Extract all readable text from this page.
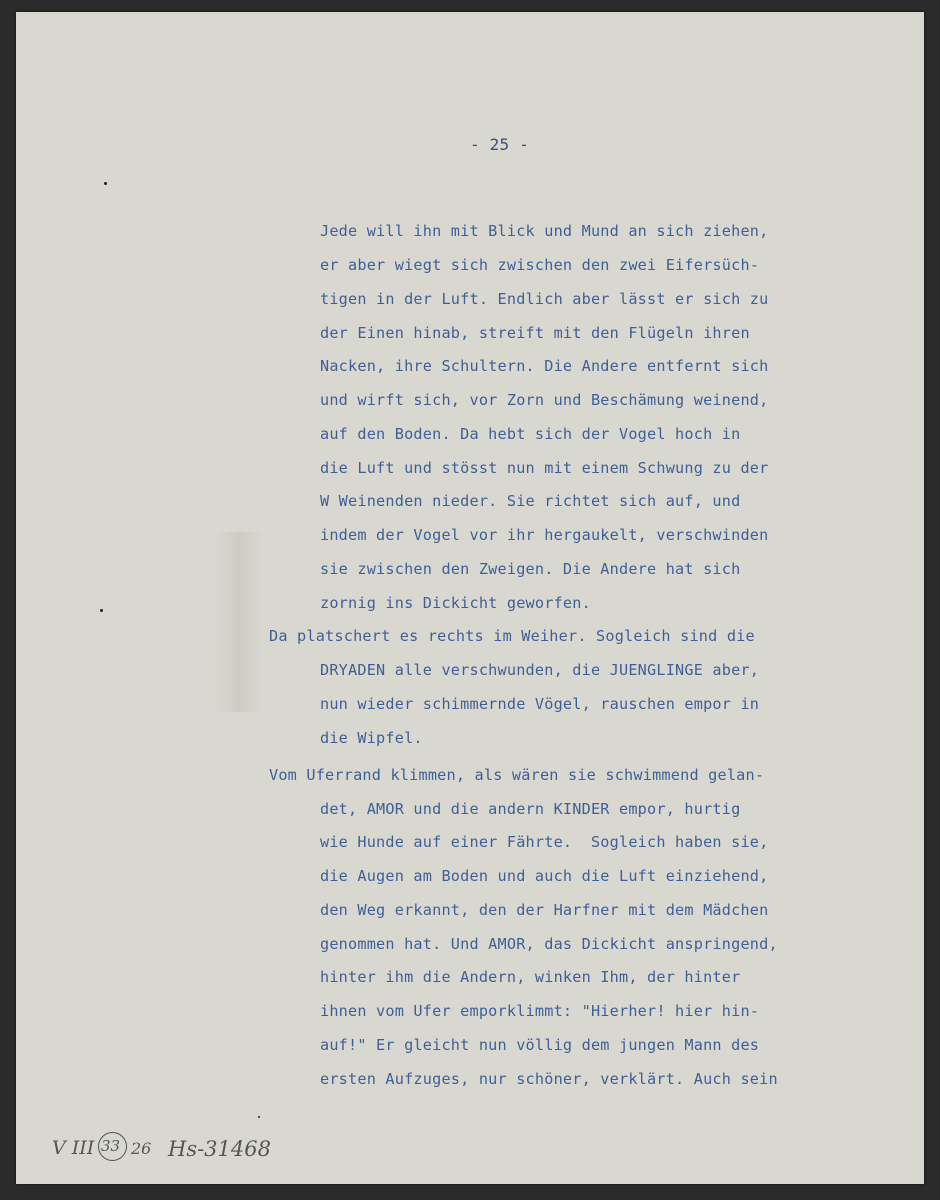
- 25 -
Jede will ihn mit Blick und Mund an sich ziehen,
er aber wiegt sich zwischen den zwei Eifersüch-
tigen in der Luft. Endlich aber lässt er sich zu
der Einen hinab, streift mit den Flügeln ihren
Nacken, ihre Schultern. Die Andere entfernt sich
und wirft sich, vor Zorn und Beschämung weinend,
auf den Boden. Da hebt sich der Vogel hoch in
die Luft und stösst nun mit einem Schwung zu der
W Weinenden nieder. Sie richtet sich auf, und
indem der Vogel vor ihr hergaukelt, verschwinden
sie zwischen den Zweigen. Die Andere hat sich
zornig ins Dickicht geworfen.
Da platschert es rechts im Weiher. Sogleich sind die
DRYADEN alle verschwunden, die JUENGLINGE aber,
nun wieder schimmernde Vögel, rauschen empor in
die Wipfel.
Vom Uferrand klimmen, als wären sie schwimmend gelan-
det, AMOR und die andern KINDER empor, hurtig
wie Hunde auf einer Fährte.  Sogleich haben sie,
die Augen am Boden und auch die Luft einziehend,
den Weg erkannt, den der Harfner mit dem Mädchen
genommen hat. Und AMOR, das Dickicht anspringend,
hinter ihm die Andern, winken Ihm, der hinter
ihnen vom Ufer emporklimmt: "Hierher! hier hin-
auf!" Er gleicht nun völlig dem jungen Mann des
ersten Aufzuges, nur schöner, verklärt. Auch sein
V III 33 26 Hs-31468
